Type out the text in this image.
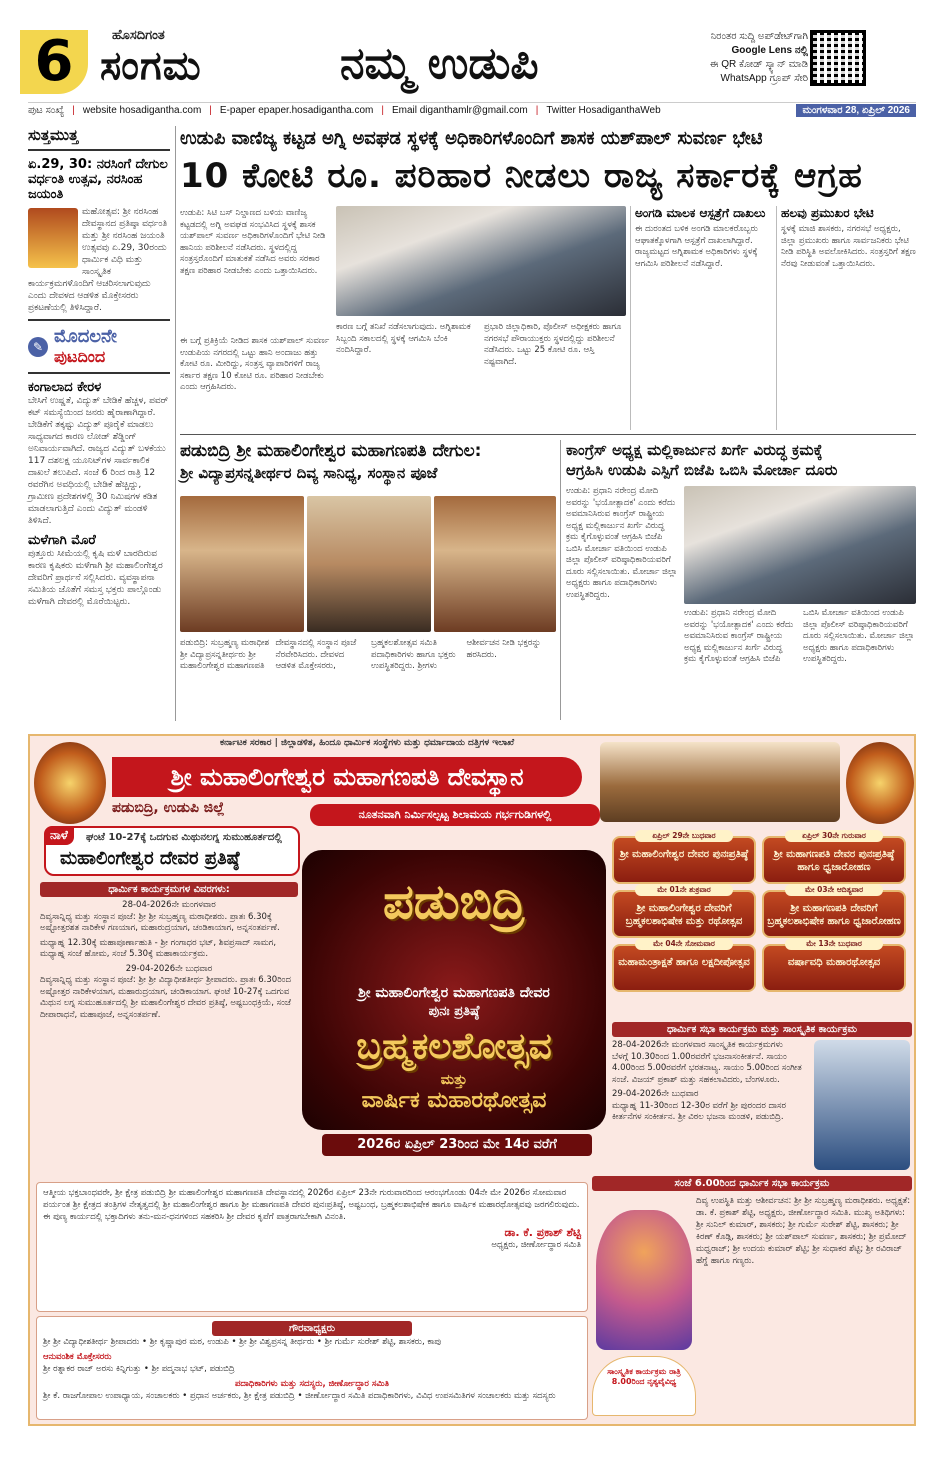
6	ಹೊಸದಿಗಂತ
ಸಂಗಮ	ನಮ್ಮ ಉಡುಪಿ
ನಿರಂತರ ಸುದ್ದಿ ಅಪ್‌ಡೇಟ್‌ಗಾಗಿ
Google Lens ನಲ್ಲಿ
ಈ QR ಕೋಡ್ ಸ್ಕ್ಯಾನ್ ಮಾಡಿ
WhatsApp ಗ್ರೂಪ್ ಸೇರಿ
ಪುಟ ಸಂಖ್ಯೆ | website hosadigantha.com | E-paper epaper.hosadigantha.com | Email diganthamlr@gmail.com | Twitter HosadiganthaWeb	ಮಂಗಳವಾರ 28, ಏಪ್ರಿಲ್ 2026
ಸುತ್ತಮುತ್ತ
ಏ.29, 30: ನರಸಿಂಗೆ ದೇಗುಲ ವರ್ಧಂತಿ ಉತ್ಸವ, ನರಸಿಂಹ ಜಯಂತಿ
ಮಹೋತ್ಸವ: ಶ್ರೀ ನರಸಿಂಹ ದೇವಸ್ಥಾನದ ಪ್ರತಿಷ್ಠಾ ವರ್ಧಂತಿ ಮತ್ತು ಶ್ರೀ ನರಸಿಂಹ ಜಯಂತಿ ಉತ್ಸವವು ಏ.29, 30ರಂದು ಧಾರ್ಮಿಕ ವಿಧಿ ಮತ್ತು ಸಾಂಸ್ಕೃತಿಕ ಕಾರ್ಯಕ್ರಮಗಳೊಂದಿಗೆ ಆಚರಿಸಲಾಗುವುದು ಎಂದು ದೇವಳದ ಆಡಳಿತ ಮೊಕ್ತೇಸರರು ಪ್ರಕಟಣೆಯಲ್ಲಿ ತಿಳಿಸಿದ್ದಾರೆ.
✎ ಮೊದಲನೇ
ಪುಟದಿಂದ
ಕಂಗಾಲಾದ ಕೇರಳ
ಬೇಸಿಗೆ ಉಷ್ಣತೆ, ವಿದ್ಯುತ್ ಬೇಡಿಕೆ ಹೆಚ್ಚಳ, ಪವರ್ ಕಟ್ ಸಮಸ್ಯೆಯಿಂದ ಜನರು ಹೈರಾಣಾಗಿದ್ದಾರೆ. ಬೇಡಿಕೆಗೆ ತಕ್ಕಷ್ಟು ವಿದ್ಯುತ್ ಪೂರೈಕೆ ಮಾಡಲು ಸಾಧ್ಯವಾಗದ ಕಾರಣ ಲೋಡ್ ಶೆಡ್ಡಿಂಗ್ ಅನಿವಾರ್ಯವಾಗಿದೆ. ರಾಜ್ಯದ ವಿದ್ಯುತ್ ಬಳಕೆಯು 117 ದಶಲಕ್ಷ ಯೂನಿಟ್‌ಗಳ ಸಾರ್ವಕಾಲಿಕ ದಾಖಲೆ ತಲುಪಿದೆ. ಸಂಜೆ 6 ರಿಂದ ರಾತ್ರಿ 12 ರವರೆಗಿನ ಅವಧಿಯಲ್ಲಿ ಬೇಡಿಕೆ ಹೆಚ್ಚಿದ್ದು, ಗ್ರಾಮೀಣ ಪ್ರದೇಶಗಳಲ್ಲಿ 30 ನಿಮಿಷಗಳ ಕಡಿತ ಮಾಡಲಾಗುತ್ತಿದೆ ಎಂದು ವಿದ್ಯುತ್ ಮಂಡಳಿ ತಿಳಿಸಿದೆ.
ಮಳೆಗಾಗಿ ಮೊರೆ
ಪುತ್ತೂರು ಸೀಮೆಯಲ್ಲಿ ಕೃಷಿ ಮಳೆ ಬಾರದಿರುವ ಕಾರಣ ಕೃಷಿಕರು ಮಳೆಗಾಗಿ ಶ್ರೀ ಮಹಾಲಿಂಗೇಶ್ವರ ದೇವರಿಗೆ ಪ್ರಾರ್ಥನೆ ಸಲ್ಲಿಸಿದರು. ವ್ಯವಸ್ಥಾಪನಾ ಸಮಿತಿಯ ಜೊತೆಗೆ ಸಮಸ್ತ ಭಕ್ತರು ಪಾಲ್ಗೊಂಡು ಮಳೆಗಾಗಿ ದೇವರಲ್ಲಿ ಮೊರೆಯಿಟ್ಟರು.
ಉಡುಪಿ ವಾಣಿಜ್ಯ ಕಟ್ಟಡ ಅಗ್ನಿ ಅವಘಡ ಸ್ಥಳಕ್ಕೆ ಅಧಿಕಾರಿಗಳೊಂದಿಗೆ ಶಾಸಕ ಯಶ್‌ಪಾಲ್ ಸುವರ್ಣ ಭೇಟಿ
10 ಕೋಟಿ ರೂ. ಪರಿಹಾರ ನೀಡಲು ರಾಜ್ಯ ಸರ್ಕಾರಕ್ಕೆ ಆಗ್ರಹ
ಉಡುಪಿ: ಸಿಟಿ ಬಸ್ ನಿಲ್ದಾಣದ ಬಳಿಯ ವಾಣಿಜ್ಯ ಕಟ್ಟಡದಲ್ಲಿ ಅಗ್ನಿ ಅವಘಡ ಸಂಭವಿಸಿದ ಸ್ಥಳಕ್ಕೆ ಶಾಸಕ ಯಶ್‌ಪಾಲ್ ಸುವರ್ಣ ಅಧಿಕಾರಿಗಳೊಂದಿಗೆ ಭೇಟಿ ನೀಡಿ ಹಾನಿಯ ಪರಿಶೀಲನೆ ನಡೆಸಿದರು. ಸ್ಥಳದಲ್ಲಿದ್ದ ಸಂತ್ರಸ್ತರೊಂದಿಗೆ ಮಾತುಕತೆ ನಡೆಸಿದ ಅವರು ಸರಕಾರ ತಕ್ಷಣ ಪರಿಹಾರ ನೀಡಬೇಕು ಎಂದು ಒತ್ತಾಯಿಸಿದರು.
ಕಾರಣ ಬಗ್ಗೆ ತನಿಖೆ ನಡೆಸಲಾಗುವುದು. ಅಗ್ನಿಶಾಮಕ ಸಿಬ್ಬಂದಿ ಸಕಾಲದಲ್ಲಿ ಸ್ಥಳಕ್ಕೆ ಆಗಮಿಸಿ ಬೆಂಕಿ ನಂದಿಸಿದ್ದಾರೆ.
ಪ್ರಭಾರಿ ಜಿಲ್ಲಾಧಿಕಾರಿ, ಪೊಲೀಸ್ ಅಧೀಕ್ಷಕರು ಹಾಗೂ ನಗರಸಭೆ ಪೌರಾಯುಕ್ತರು ಸ್ಥಳದಲ್ಲಿದ್ದು ಪರಿಶೀಲನೆ ನಡೆಸಿದರು. ಒಟ್ಟು 25 ಕೋಟಿ ರೂ. ಆಸ್ತಿ ನಷ್ಟವಾಗಿದೆ.
ಈ ಬಗ್ಗೆ ಪ್ರತಿಕ್ರಿಯೆ ನೀಡಿದ ಶಾಸಕ ಯಶ್‌ಪಾಲ್ ಸುವರ್ಣ ಉಡುಪಿಯ ನಗರದಲ್ಲಿ ಒಟ್ಟು ಹಾನಿ ಅಂದಾಜು ಹತ್ತು ಕೋಟಿ ರೂ. ಮೀರಿದ್ದು, ಸಂತ್ರಸ್ತ ವ್ಯಾಪಾರಿಗಳಿಗೆ ರಾಜ್ಯ ಸರ್ಕಾರ ತಕ್ಷಣ 10 ಕೋಟಿ ರೂ. ಪರಿಹಾರ ನೀಡಬೇಕು ಎಂದು ಆಗ್ರಹಿಸಿದರು.
ಅಂಗಡಿ ಮಾಲಕ ಆಸ್ಪತ್ರೆಗೆ ದಾಖಲು
ಈ ದುರಂತದ ಬಳಿಕ ಅಂಗಡಿ ಮಾಲಕರೊಬ್ಬರು ಆಘಾತಕ್ಕೊಳಗಾಗಿ ಆಸ್ಪತ್ರೆಗೆ ದಾಖಲಾಗಿದ್ದಾರೆ. ರಾಜ್ಯಮಟ್ಟದ ಅಗ್ನಿಶಾಮಕ ಅಧಿಕಾರಿಗಳು ಸ್ಥಳಕ್ಕೆ ಆಗಮಿಸಿ ಪರಿಶೀಲನೆ ನಡೆಸಿದ್ದಾರೆ.
ಹಲವು ಪ್ರಮುಖರ ಭೇಟಿ
ಸ್ಥಳಕ್ಕೆ ಮಾಜಿ ಶಾಸಕರು, ನಗರಸಭೆ ಅಧ್ಯಕ್ಷರು, ಜಿಲ್ಲಾ ಪ್ರಮುಖರು ಹಾಗೂ ಸಾರ್ವಜನಿಕರು ಭೇಟಿ ನೀಡಿ ಪರಿಸ್ಥಿತಿ ಅವಲೋಕಿಸಿದರು. ಸಂತ್ರಸ್ತರಿಗೆ ತಕ್ಷಣ ನೆರವು ನೀಡುವಂತೆ ಒತ್ತಾಯಿಸಿದರು.
ಪಡುಬಿದ್ರಿ ಶ್ರೀ ಮಹಾಲಿಂಗೇಶ್ವರ ಮಹಾಗಣಪತಿ ದೇಗುಲ:
ಶ್ರೀ ವಿದ್ಯಾಪ್ರಸನ್ನತೀರ್ಥರ ದಿವ್ಯ ಸಾನಿಧ್ಯ, ಸಂಸ್ಥಾನ ಪೂಜೆ
ಪಡುಬಿದ್ರಿ: ಸುಬ್ರಹ್ಮಣ್ಯ ಮಠಾಧೀಶ ಶ್ರೀ ವಿದ್ಯಾಪ್ರಸನ್ನತೀರ್ಥರು ಶ್ರೀ ಮಹಾಲಿಂಗೇಶ್ವರ ಮಹಾಗಣಪತಿ ದೇವಸ್ಥಾನದಲ್ಲಿ ಸಂಸ್ಥಾನ ಪೂಜೆ ನೆರವೇರಿಸಿದರು. ದೇವಳದ ಆಡಳಿತ ಮೊಕ್ತೇಸರರು, ಬ್ರಹ್ಮಕಲಶೋತ್ಸವ ಸಮಿತಿ ಪದಾಧಿಕಾರಿಗಳು ಹಾಗೂ ಭಕ್ತರು ಉಪಸ್ಥಿತರಿದ್ದರು. ಶ್ರೀಗಳು ಆಶೀರ್ವಚನ ನೀಡಿ ಭಕ್ತರನ್ನು ಹರಸಿದರು.
ಕಾಂಗ್ರೆಸ್ ಅಧ್ಯಕ್ಷ ಮಲ್ಲಿಕಾರ್ಜುನ ಖರ್ಗೆ ವಿರುದ್ಧ ಕ್ರಮಕ್ಕೆ
ಆಗ್ರಹಿಸಿ ಉಡುಪಿ ಎಸ್ಪಿಗೆ ಬಿಜೆಪಿ ಒಬಿಸಿ ಮೋರ್ಚಾ ದೂರು
ಉಡುಪಿ: ಪ್ರಧಾನಿ ನರೇಂದ್ರ ಮೋದಿ ಅವರನ್ನು 'ಭಯೋತ್ಪಾದಕ' ಎಂದು ಕರೆದು ಅವಮಾನಿಸಿರುವ ಕಾಂಗ್ರೆಸ್ ರಾಷ್ಟ್ರೀಯ ಅಧ್ಯಕ್ಷ ಮಲ್ಲಿಕಾರ್ಜುನ ಖರ್ಗೆ ವಿರುದ್ಧ ಕ್ರಮ ಕೈಗೊಳ್ಳುವಂತೆ ಆಗ್ರಹಿಸಿ ಬಿಜೆಪಿ ಒಬಿಸಿ ಮೋರ್ಚಾ ವತಿಯಿಂದ ಉಡುಪಿ ಜಿಲ್ಲಾ ಪೊಲೀಸ್ ವರಿಷ್ಠಾಧಿಕಾರಿಯವರಿಗೆ ದೂರು ಸಲ್ಲಿಸಲಾಯಿತು. ಮೋರ್ಚಾ ಜಿಲ್ಲಾ ಅಧ್ಯಕ್ಷರು ಹಾಗೂ ಪದಾಧಿಕಾರಿಗಳು ಉಪಸ್ಥಿತರಿದ್ದರು.
ಉಡುಪಿ: ಪ್ರಧಾನಿ ನರೇಂದ್ರ ಮೋದಿ ಅವರನ್ನು 'ಭಯೋತ್ಪಾದಕ' ಎಂದು ಕರೆದು ಅವಮಾನಿಸಿರುವ ಕಾಂಗ್ರೆಸ್ ರಾಷ್ಟ್ರೀಯ ಅಧ್ಯಕ್ಷ ಮಲ್ಲಿಕಾರ್ಜುನ ಖರ್ಗೆ ವಿರುದ್ಧ ಕ್ರಮ ಕೈಗೊಳ್ಳುವಂತೆ ಆಗ್ರಹಿಸಿ ಬಿಜೆಪಿ ಒಬಿಸಿ ಮೋರ್ಚಾ ವತಿಯಿಂದ ಉಡುಪಿ ಜಿಲ್ಲಾ ಪೊಲೀಸ್ ವರಿಷ್ಠಾಧಿಕಾರಿಯವರಿಗೆ ದೂರು ಸಲ್ಲಿಸಲಾಯಿತು. ಮೋರ್ಚಾ ಜಿಲ್ಲಾ ಅಧ್ಯಕ್ಷರು ಹಾಗೂ ಪದಾಧಿಕಾರಿಗಳು ಉಪಸ್ಥಿತರಿದ್ದರು.
ಕರ್ನಾಟಕ ಸರಕಾರ | ಜಿಲ್ಲಾಡಳಿತ, ಹಿಂದೂ ಧಾರ್ಮಿಕ ಸಂಸ್ಥೆಗಳು ಮತ್ತು ಧರ್ಮಾದಾಯ ದತ್ತಿಗಳ ಇಲಾಖೆ
ಶ್ರೀ ಮಹಾಲಿಂಗೇಶ್ವರ ಮಹಾಗಣಪತಿ ದೇವಸ್ಥಾನ
ಪಡುಬಿದ್ರಿ, ಉಡುಪಿ ಜಿಲ್ಲೆ
ನಾಳೆ	ಘಂಟೆ 10-27ಕ್ಕೆ ಒದಗುವ ಮಿಥುನಲಗ್ನ ಸುಮುಹೂರ್ತದಲ್ಲಿ
ಮಹಾಲಿಂಗೇಶ್ವರ ದೇವರ ಪ್ರತಿಷ್ಠೆ
ನೂತನವಾಗಿ ನಿರ್ಮಿಸಲ್ಪಟ್ಟ ಶಿಲಾಮಯ ಗರ್ಭಗುಡಿಗಳಲ್ಲಿ
ಧಾರ್ಮಿಕ ಕಾರ್ಯಕ್ರಮಗಳ ವಿವರಗಳು:
28-04-2026ನೇ ಮಂಗಳವಾರ
ದಿವ್ಯಸಾನ್ನಿಧ್ಯ ಮತ್ತು ಸಂಸ್ಥಾನ ಪೂಜೆ: ಶ್ರೀ ಶ್ರೀ ಸುಬ್ರಹ್ಮಣ್ಯ ಮಠಾಧೀಶರು. ಪ್ರಾತಃ 6.30ಕ್ಕೆ ಅಷ್ಟೋತ್ತರಶತ ನಾರಿಕೇಳ ಗಣಯಾಗ, ಮಹಾರುದ್ರಯಾಗ, ಚಂಡಿಕಾಯಾಗ, ಅನ್ನಸಂತರ್ಪಣೆ.
ಮಧ್ಯಾಹ್ನ 12.30ಕ್ಕೆ ಮಹಾಪೂರ್ಣಾಹುತಿ - ಶ್ರೀ ಗಂಗಾಧರ ಭಟ್, ಶಿವಪ್ರಸಾದ್ ಸಾಮಗ, ಮಧ್ಯಾಹ್ನ ಸಂಜೆ ಹೋಮ, ಸಂಜೆ 5.30ಕ್ಕೆ ಮಹಾಕಾರ್ಯಕ್ರಮ.
29-04-2026ನೇ ಬುಧವಾರ
ದಿವ್ಯಸಾನ್ನಿಧ್ಯ ಮತ್ತು ಸಂಸ್ಥಾನ ಪೂಜೆ: ಶ್ರೀ ಶ್ರೀ ವಿದ್ಯಾಧೀಶತೀರ್ಥ ಶ್ರೀಪಾದರು. ಪ್ರಾತಃ 6.30ರಿಂದ ಅಷ್ಟೋತ್ತರ ನಾರಿಕೇಳಯಾಗ, ಮಹಾರುದ್ರಯಾಗ, ಚಂಡಿಕಾಯಾಗ. ಘಂಟೆ 10-27ಕ್ಕೆ ಒದಗುವ ಮಿಥುನ ಲಗ್ನ ಸುಮುಹೂರ್ತದಲ್ಲಿ ಶ್ರೀ ಮಹಾಲಿಂಗೇಶ್ವರ ದೇವರ ಪ್ರತಿಷ್ಠೆ, ಅಷ್ಟಬಂಧಕ್ರಿಯೆ, ಸಂಜೆ ದೀಪಾರಾಧನೆ, ಮಹಾಪೂಜೆ, ಅನ್ನಸಂತರ್ಪಣೆ.
ಪಡುಬಿದ್ರಿ
ಶ್ರೀ ಮಹಾಲಿಂಗೇಶ್ವರ ಮಹಾಗಣಪತಿ ದೇವರ
ಪುನಃ ಪ್ರತಿಷ್ಠೆ
ಬ್ರಹ್ಮಕಲಶೋತ್ಸವ
ಮತ್ತು
ವಾರ್ಷಿಕ ಮಹಾರಥೋತ್ಸವ
2026ರ ಏಪ್ರಿಲ್ 23ರಿಂದ ಮೇ 14ರ ವರೆಗೆ
ಏಪ್ರಿಲ್ 29ನೇ ಬುಧವಾರ
ಶ್ರೀ ಮಹಾಲಿಂಗೇಶ್ವರ ದೇವರ ಪುನಃಪ್ರತಿಷ್ಠೆ
ಏಪ್ರಿಲ್ 30ನೇ ಗುರುವಾರ
ಶ್ರೀ ಮಹಾಗಣಪತಿ ದೇವರ ಪುನಃಪ್ರತಿಷ್ಠೆ ಹಾಗೂ ಧ್ವಜಾರೋಹಣ
ಮೇ 01ನೇ ಶುಕ್ರವಾರ
ಶ್ರೀ ಮಹಾಲಿಂಗೇಶ್ವರ ದೇವರಿಗೆ ಬ್ರಹ್ಮಕಲಶಾಭಿಷೇಕ ಮತ್ತು ರಥೋತ್ಸವ
ಮೇ 03ನೇ ಆದಿತ್ಯವಾರ
ಶ್ರೀ ಮಹಾಗಣಪತಿ ದೇವರಿಗೆ ಬ್ರಹ್ಮಕಲಶಾಭಿಷೇಕ ಹಾಗೂ ಧ್ವಜಾರೋಹಣ
ಮೇ 04ನೇ ಸೋಮವಾರ
ಮಹಾಮಂತ್ರಾಕ್ಷತೆ ಹಾಗೂ ಲಕ್ಷದೀಪೋತ್ಸವ
ಮೇ 13ನೇ ಬುಧವಾರ
ವರ್ಷಾವಧಿ ಮಹಾರಥೋತ್ಸವ
ಧಾರ್ಮಿಕ ಸಭಾ ಕಾರ್ಯಕ್ರಮ ಮತ್ತು ಸಾಂಸ್ಕೃತಿಕ ಕಾರ್ಯಕ್ರಮ
28-04-2026ನೇ ಮಂಗಳವಾರ ಸಾಂಸ್ಕೃತಿಕ ಕಾರ್ಯಕ್ರಮಗಳು
ಬೆಳಗ್ಗೆ 10.30ರಿಂದ 1.00ರವರೆಗೆ ಭಜನಾಸಂಕೀರ್ತನೆ. ಸಾಯಂ 4.00ರಿಂದ 5.00ರವರೆಗೆ ಭರತನಾಟ್ಯ. ಸಾಯಂ 5.00ರಿಂದ ಸಂಗೀತ ಸಂಜೆ. ವಿಜಯ್ ಪ್ರಕಾಶ್ ಮತ್ತು ಸಹಕಲಾವಿದರು, ಬೆಂಗಳೂರು.
29-04-2026ನೇ ಬುಧವಾರ
ಮಧ್ಯಾಹ್ನ 11-30ರಿಂದ 12-30ರ ವರೆಗೆ ಶ್ರೀ ಪುರಂದರ ದಾಸರ ಕೀರ್ತನೆಗಳ ಸಂಕೀರ್ತನ. ಶ್ರೀ ವಿಠಲ ಭಜನಾ ಮಂಡಳಿ, ಪಡುಬಿದ್ರಿ.
ಆತ್ಮೀಯ ಭಕ್ತಬಾಂಧವರೇ, ಶ್ರೀ ಕ್ಷೇತ್ರ ಪಡುಬಿದ್ರಿ ಶ್ರೀ ಮಹಾಲಿಂಗೇಶ್ವರ ಮಹಾಗಣಪತಿ ದೇವಸ್ಥಾನದಲ್ಲಿ 2026ರ ಏಪ್ರಿಲ್ 23ನೇ ಗುರುವಾರದಿಂದ ಆರಂಭಗೊಂಡು 04ನೇ ಮೇ 2026ರ ಸೋಮವಾರ ಪರ್ಯಂತ ಶ್ರೀ ಕ್ಷೇತ್ರದ ತಂತ್ರಿಗಳ ನೇತೃತ್ವದಲ್ಲಿ ಶ್ರೀ ಮಹಾಲಿಂಗೇಶ್ವರ ಹಾಗೂ ಶ್ರೀ ಮಹಾಗಣಪತಿ ದೇವರ ಪುನಃಪ್ರತಿಷ್ಠೆ, ಅಷ್ಟಬಂಧ, ಬ್ರಹ್ಮಕಲಶಾಭಿಷೇಕ ಹಾಗೂ ವಾರ್ಷಿಕ ಮಹಾರಥೋತ್ಸವವು ಜರಗಲಿರುವುದು. ಈ ಪುಣ್ಯ ಕಾರ್ಯದಲ್ಲಿ ಭಕ್ತಾದಿಗಳು ತನು-ಮನ-ಧನಗಳಿಂದ ಸಹಕರಿಸಿ ಶ್ರೀ ದೇವರ ಕೃಪೆಗೆ ಪಾತ್ರರಾಗಬೇಕಾಗಿ ವಿನಂತಿ.
ಡಾ. ಕೆ. ಪ್ರಕಾಶ್ ಶೆಟ್ಟಿ
ಅಧ್ಯಕ್ಷರು, ಜೀರ್ಣೋದ್ಧಾರ ಸಮಿತಿ
ಗೌರವಾಧ್ಯಕ್ಷರು
ಶ್ರೀ ಶ್ರೀ ವಿದ್ಯಾಧೀಶತೀರ್ಥ ಶ್ರೀಪಾದರು • ಶ್ರೀ ಕೃಷ್ಣಾಪುರ ಮಠ, ಉಡುಪಿ • ಶ್ರೀ ಶ್ರೀ ವಿಶ್ವಪ್ರಸನ್ನ ತೀರ್ಥರು • ಶ್ರೀ ಗುರ್ಮೆ ಸುರೇಶ್ ಶೆಟ್ಟಿ, ಶಾಸಕರು, ಕಾಪು
ಆನುವಂಶಿಕ ಮೊಕ್ತೇಸರರು
ಶ್ರೀ ರತ್ನಾಕರ ರಾಜ್ ಅರಸು ಕಿನ್ನಿಗುತ್ತು • ಶ್ರೀ ಪದ್ಮನಾಭ ಭಟ್, ಪಡುಬಿದ್ರಿ
ಪದಾಧಿಕಾರಿಗಳು ಮತ್ತು ಸದಸ್ಯರು, ಜೀರ್ಣೋದ್ಧಾರ ಸಮಿತಿ
ಶ್ರೀ ಕೆ. ರಾಜಗೋಪಾಲ ಉಪಾಧ್ಯಾಯ, ಸಂಚಾಲಕರು • ಪ್ರಧಾನ ಅರ್ಚಕರು, ಶ್ರೀ ಕ್ಷೇತ್ರ ಪಡುಬಿದ್ರಿ • ಜೀರ್ಣೋದ್ಧಾರ ಸಮಿತಿ ಪದಾಧಿಕಾರಿಗಳು, ವಿವಿಧ ಉಪಸಮಿತಿಗಳ ಸಂಚಾಲಕರು ಮತ್ತು ಸದಸ್ಯರು
ಸಂಜೆ 6.00ರಿಂದ ಧಾರ್ಮಿಕ ಸಭಾ ಕಾರ್ಯಕ್ರಮ
ದಿವ್ಯ ಉಪಸ್ಥಿತಿ ಮತ್ತು ಆಶೀರ್ವಚನ: ಶ್ರೀ ಶ್ರೀ ಸುಬ್ರಹ್ಮಣ್ಯ ಮಠಾಧೀಶರು. ಅಧ್ಯಕ್ಷತೆ: ಡಾ. ಕೆ. ಪ್ರಕಾಶ್ ಶೆಟ್ಟಿ, ಅಧ್ಯಕ್ಷರು, ಜೀರ್ಣೋದ್ಧಾರ ಸಮಿತಿ. ಮುಖ್ಯ ಅತಿಥಿಗಳು: ಶ್ರೀ ಸುನಿಲ್ ಕುಮಾರ್, ಶಾಸಕರು; ಶ್ರೀ ಗುರ್ಮೆ ಸುರೇಶ್ ಶೆಟ್ಟಿ, ಶಾಸಕರು; ಶ್ರೀ ಕಿರಣ್ ಕೊಡ್ಗಿ, ಶಾಸಕರು; ಶ್ರೀ ಯಶ್‌ಪಾಲ್ ಸುವರ್ಣ, ಶಾಸಕರು; ಶ್ರೀ ಪ್ರಮೋದ್ ಮಧ್ವರಾಜ್; ಶ್ರೀ ಉದಯ ಕುಮಾರ್ ಶೆಟ್ಟಿ; ಶ್ರೀ ಸುಧಾಕರ ಶೆಟ್ಟಿ; ಶ್ರೀ ರವಿರಾಜ್ ಹೆಗ್ಡೆ ಹಾಗೂ ಗಣ್ಯರು.
ಸಾಂಸ್ಕೃತಿಕ ಕಾರ್ಯಕ್ರಮ ರಾತ್ರಿ 8.00ರಿಂದ ನೃತ್ಯವೈವಿಧ್ಯ
